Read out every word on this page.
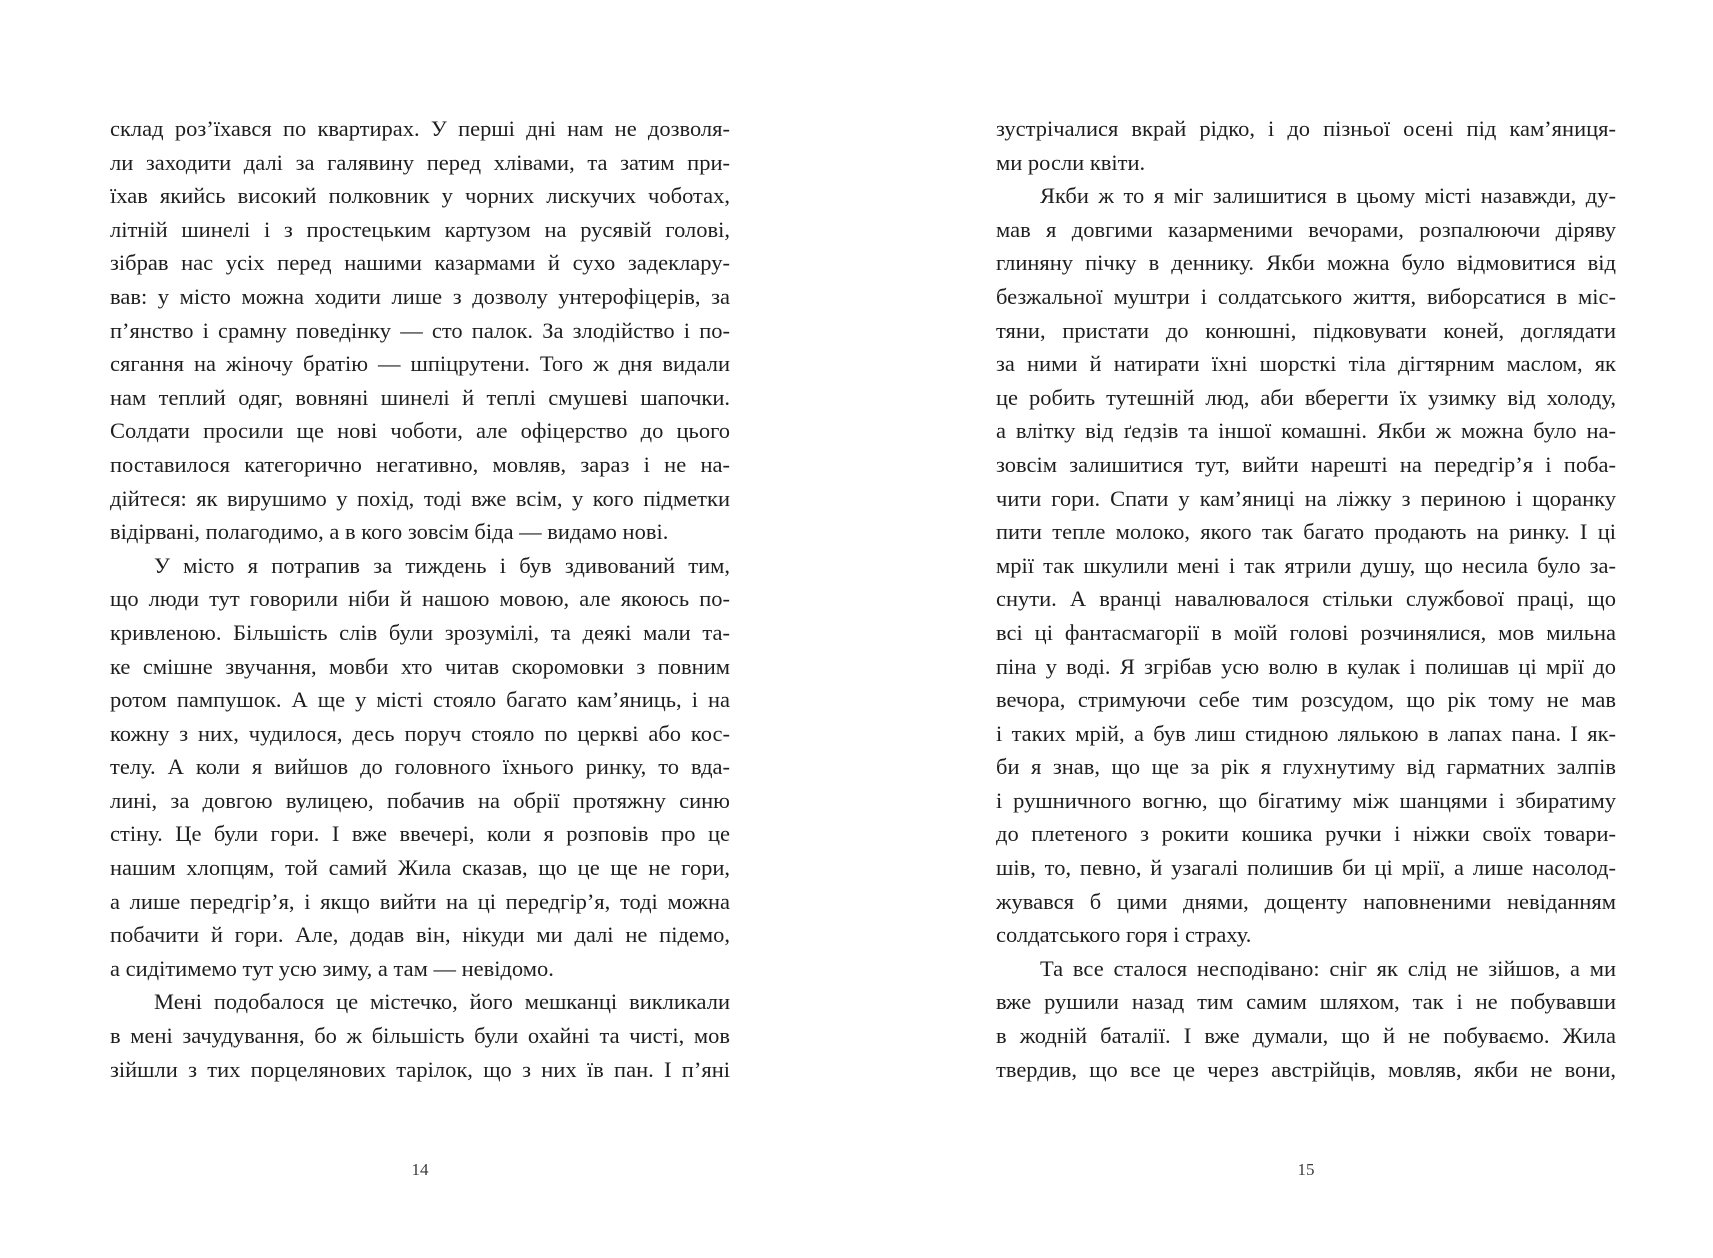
склад роз’їхався по квартирах. У перші дні нам не дозволя-
ли заходити далі за галявину перед хлівами, та затим при-
їхав якийсь високий полковник у чорних лискучих чоботах,
літній шинелі і з простецьким картузом на русявій голові,
зібрав нас усіх перед нашими казармами й сухо задеклару-
вав: у місто можна ходити лише з дозволу унтерофіцерів, за
п’янство і срамну поведінку — сто палок. За злодійство і по-
сягання на жіночу братію — шпіцрутени. Того ж дня видали
нам теплий одяг, вовняні шинелі й теплі смушеві шапочки.
Солдати просили ще нові чоботи, але офіцерство до цього
поставилося категорично негативно, мовляв, зараз і не на-
дійтеся: як вирушимо у похід, тоді вже всім, у кого підметки
відірвані, полагодимо, а в кого зовсім біда — видамо нові.
У місто я потрапив за тиждень і був здивований тим,
що люди тут говорили ніби й нашою мовою, але якоюсь по-
кривленою. Більшість слів були зрозумілі, та деякі мали та-
ке смішне звучання, мовби хто читав скоромовки з повним
ротом пампушок. А ще у місті стояло багато кам’яниць, і на
кожну з них, чудилося, десь поруч стояло по церкві або кос-
телу. А коли я вийшов до головного їхнього ринку, то вда-
лині, за довгою вулицею, побачив на обрії протяжну синю
стіну. Це були гори. І вже ввечері, коли я розповів про це
нашим хлопцям, той самий Жила сказав, що це ще не гори,
а лише передгір’я, і якщо вийти на ці передгір’я, тоді можна
побачити й гори. Але, додав він, нікуди ми далі не підемо,
а сидітимемо тут усю зиму, а там — невідомо.
Мені подобалося це містечко, його мешканці викликали
в мені зачудування, бо ж більшість були охайні та чисті, мов
зійшли з тих порцелянових тарілок, що з них їв пан. І п’яні
зустрічалися вкрай рідко, і до пізньої осені під кам’яниця-
ми росли квіти.
Якби ж то я міг залишитися в цьому місті назавжди, ду-
мав я довгими казарменими вечорами, розпалюючи діряву
глиняну пічку в деннику. Якби можна було відмовитися від
безжальної муштри і солдатського життя, виборсатися в міс-
тяни, пристати до конюшні, підковувати коней, доглядати
за ними й натирати їхні шорсткі тіла дігтярним маслом, як
це робить тутешній люд, аби вберегти їх узимку від холоду,
а влітку від ґедзів та іншої комашні. Якби ж можна було на-
зовсім залишитися тут, вийти нарешті на передгір’я і поба-
чити гори. Спати у кам’яниці на ліжку з периною і щоранку
пити тепле молоко, якого так багато продають на ринку. І ці
мрії так шкулили мені і так ятрили душу, що несила було за-
снути. А вранці навалювалося стільки службової праці, що
всі ці фантасмагорії в моїй голові розчинялися, мов мильна
піна у воді. Я згрібав усю волю в кулак і полишав ці мрії до
вечора, стримуючи себе тим розсудом, що рік тому не мав
і таких мрій, а був лиш стидною лялькою в лапах пана. І як-
би я знав, що ще за рік я глухнутиму від гарматних залпів
і рушничного вогню, що бігатиму між шанцями і збиратиму
до плетеного з рокити кошика ручки і ніжки своїх товари-
шів, то, певно, й узагалі полишив би ці мрії, а лише насолод-
жувався б цими днями, дощенту наповненими невіданням
солдатського горя і страху.
Та все сталося несподівано: сніг як слід не зійшов, а ми
вже рушили назад тим самим шляхом, так і не побувавши
в жодній баталії. І вже думали, що й не побуваємо. Жила
твердив, що все це через австрійців, мовляв, якби не вони,
14	15
